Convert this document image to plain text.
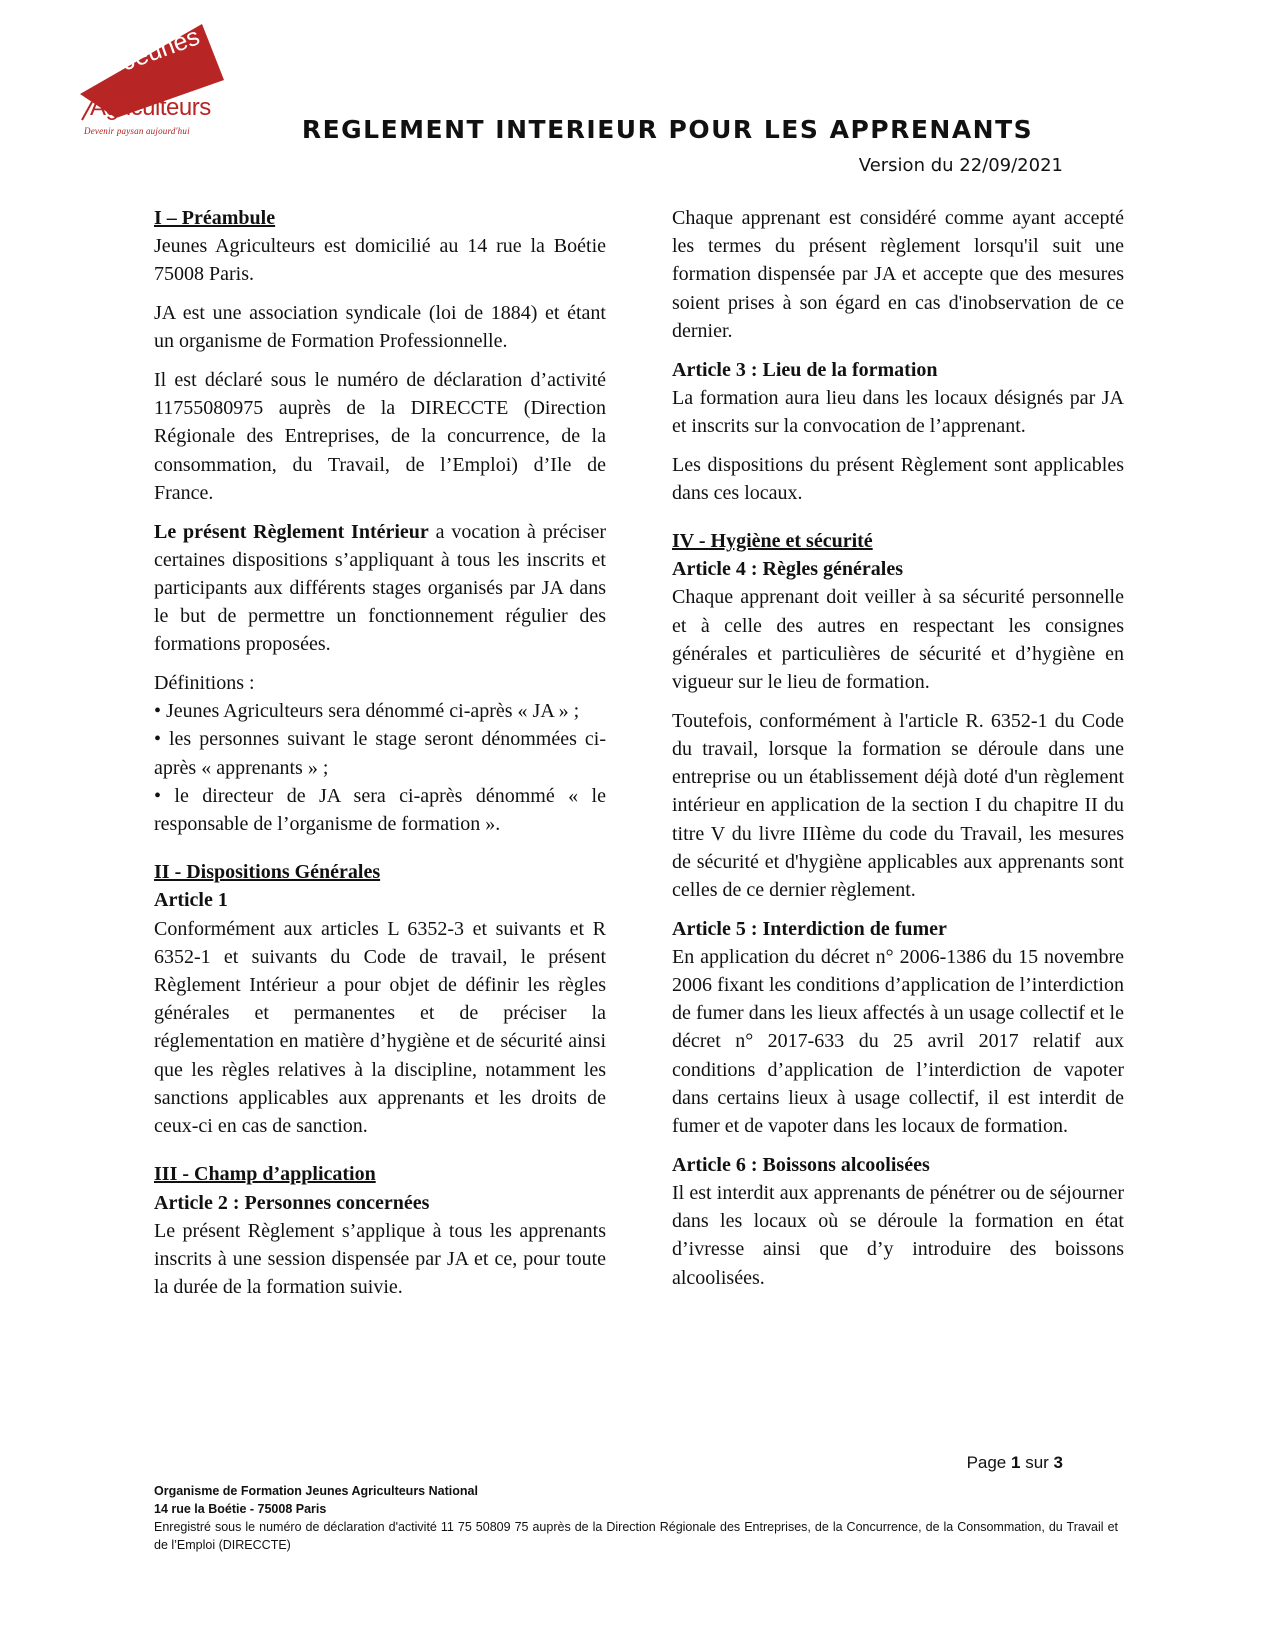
Jeunes
Agriculteurs
Devenir paysan aujourd'hui	REGLEMENT INTERIEUR POUR LES APPRENANTS
Version du 22/09/2021
I – Préambule

Jeunes Agriculteurs est domicilié au 14 rue la Boétie 75008 Paris.

JA est une association syndicale (loi de 1884) et étant un organisme de Formation Professionnelle.

Il est déclaré sous le numéro de déclaration d’activité 11755080975 auprès de la DIRECCTE (Direction Régionale des Entreprises, de la concurrence, de la consommation, du Travail, de l’Emploi) d’Ile de France.

Le présent Règlement Intérieur a vocation à préciser certaines dispositions s’appliquant à tous les inscrits et participants aux différents stages organisés par JA dans le but de permettre un fonctionnement régulier des formations proposées.

Définitions :
• Jeunes Agriculteurs sera dénommé ci-après « JA » ;
• les personnes suivant le stage seront dénommées ci-après « apprenants » ;
• le directeur de JA sera ci-après dénommé « le responsable de l’organisme de formation ».
II - Dispositions Générales
Article 1

Conformément aux articles L 6352-3 et suivants et R 6352-1 et suivants du Code de travail, le présent Règlement Intérieur a pour objet de définir les règles générales et permanentes et de préciser la réglementation en matière d’hygiène et de sécurité ainsi que les règles relatives à la discipline, notamment les sanctions applicables aux apprenants et les droits de ceux-ci en cas de sanction.

III - Champ d’application
Article 2 : Personnes concernées

Le présent Règlement s’applique à tous les apprenants inscrits à une session dispensée par JA et ce, pour toute la durée de la formation suivie.

Chaque apprenant est considéré comme ayant accepté les termes du présent règlement lorsqu'il suit une formation dispensée par JA et accepte que des mesures soient prises à son égard en cas d'inobservation de ce dernier.

Article 3 : Lieu de la formation

La formation aura lieu dans les locaux désignés par JA et inscrits sur la convocation de l’apprenant.

Les dispositions du présent Règlement sont applicables dans ces locaux.

IV - Hygiène et sécurité
Article 4 : Règles générales

Chaque apprenant doit veiller à sa sécurité personnelle et à celle des autres en respectant les consignes générales et particulières de sécurité et d’hygiène en vigueur sur le lieu de formation.

Toutefois, conformément à l'article R. 6352-1 du Code du travail, lorsque la formation se déroule dans une entreprise ou un établissement déjà doté d'un règlement intérieur en application de la section I du chapitre II du titre V du livre IIIème du code du Travail, les mesures de sécurité et d'hygiène applicables aux apprenants sont celles de ce dernier règlement.

Article 5 : Interdiction de fumer

En application du décret n° 2006-1386 du 15 novembre 2006 fixant les conditions d’application de l’interdiction de fumer dans les lieux affectés à un usage collectif et le décret n° 2017-633 du 25 avril 2017 relatif aux conditions d’application de l’interdiction de vapoter dans certains lieux à usage collectif, il est interdit de fumer et de vapoter dans les locaux de formation.

Article 6 : Boissons alcoolisées

Il est interdit aux apprenants de pénétrer ou de séjourner dans les locaux où se déroule la formation en état d’ivresse ainsi que d’y introduire des boissons alcoolisées.

Page 1 sur 3
Organisme de Formation Jeunes Agriculteurs National
14 rue la Boétie - 75008 Paris
Enregistré sous le numéro de déclaration d'activité 11 75 50809 75 auprès de la Direction Régionale des Entreprises, de la Concurrence, de la Consommation, du Travail et de l’Emploi (DIRECCTE)
